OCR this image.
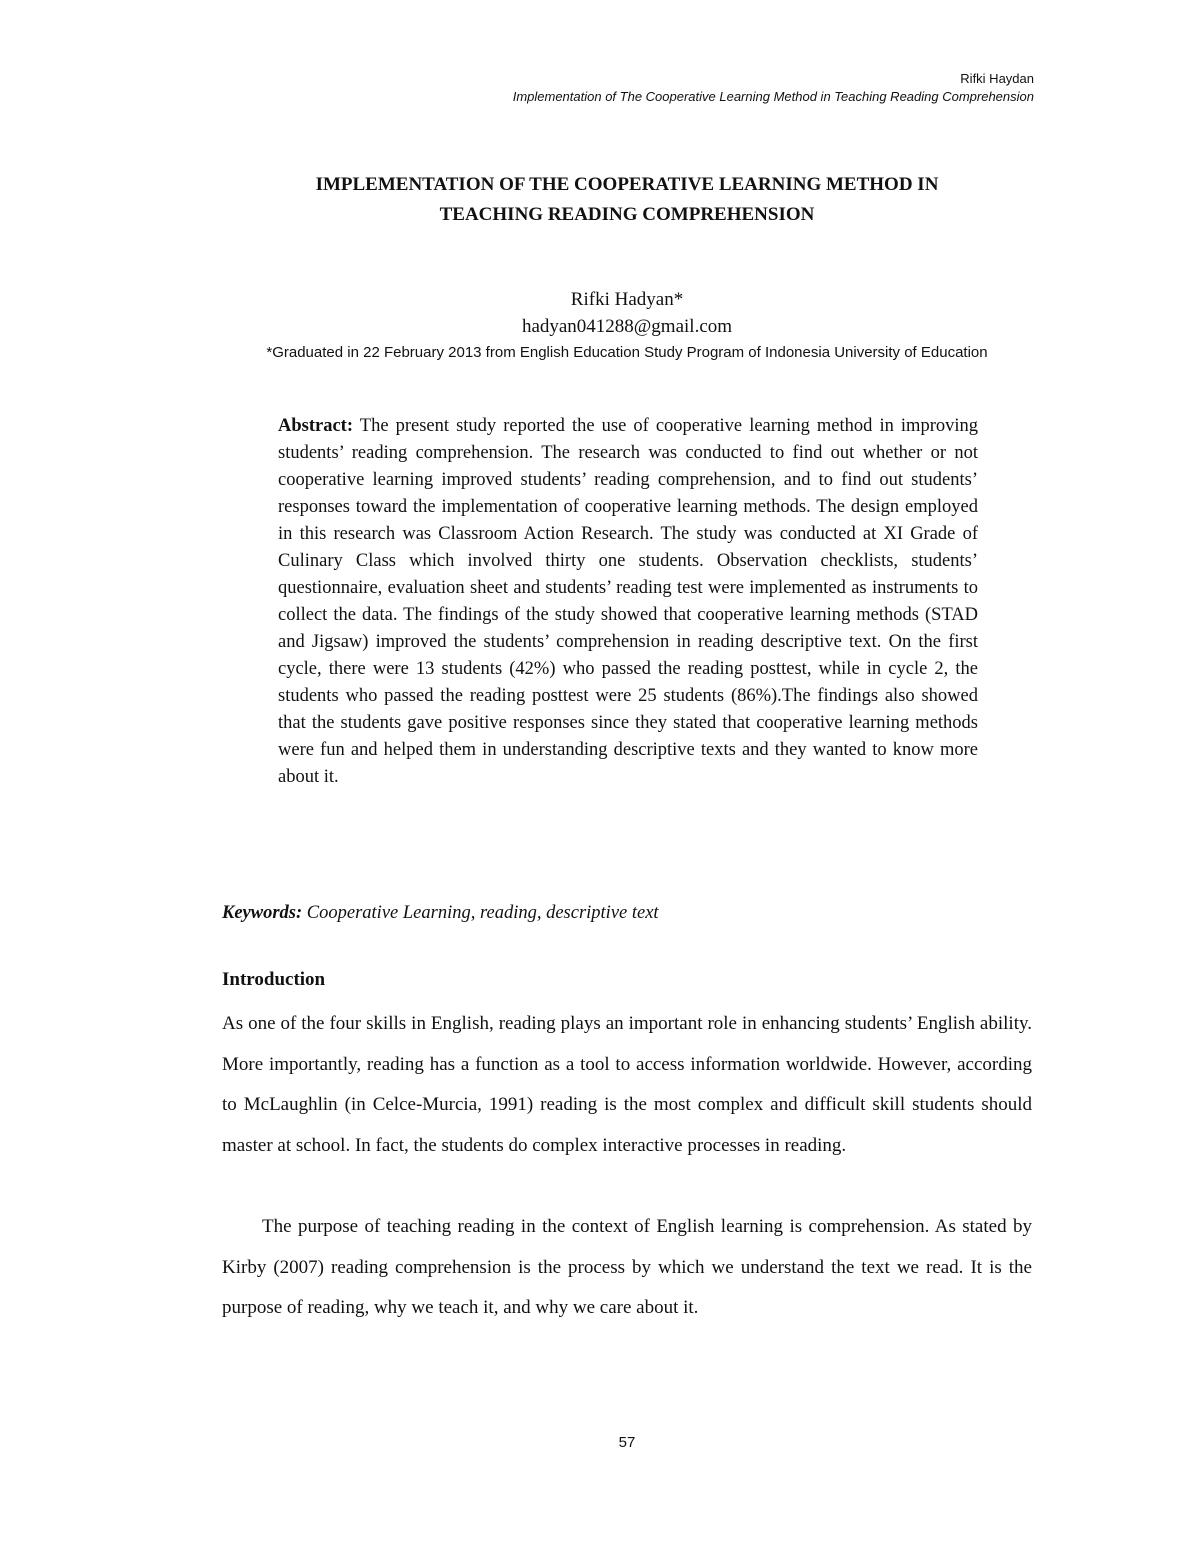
Rifki Haydan
Implementation of The Cooperative Learning Method in Teaching Reading Comprehension
IMPLEMENTATION OF THE COOPERATIVE LEARNING METHOD IN
TEACHING READING COMPREHENSION
Rifki Hadyan*
hadyan041288@gmail.com
*Graduated in 22 February 2013 from English Education Study Program of Indonesia University of Education

Abstract: The present study reported the use of cooperative learning method in improving students’ reading comprehension. The research was conducted to find out whether or not cooperative learning improved students’ reading comprehension, and to find out students’ responses toward the implementation of cooperative learning methods. The design employed in this research was Classroom Action Research. The study was conducted at XI Grade of Culinary Class which involved thirty one students. Observation checklists, students’ questionnaire, evaluation sheet and students’ reading test were implemented as instruments to collect the data. The findings of the study showed that cooperative learning methods (STAD and Jigsaw) improved the students’ comprehension in reading descriptive text. On the first cycle, there were 13 students (42%) who passed the reading posttest, while in cycle 2, the students who passed the reading posttest were 25 students (86%).The findings also showed that the students gave positive responses since they stated that cooperative learning methods were fun and helped them in understanding descriptive texts and they wanted to know more about it.

Keywords: Cooperative Learning, reading, descriptive text

Introduction

As one of the four skills in English, reading plays an important role in enhancing students’ English ability. More importantly, reading has a function as a tool to access information worldwide. However, according to McLaughlin (in Celce-Murcia, 1991) reading is the most complex and difficult skill students should master at school. In fact, the students do complex interactive processes in reading.

The purpose of teaching reading in the context of English learning is comprehension. As stated by Kirby (2007) reading comprehension is the process by which we understand the text we read. It is the purpose of reading, why we teach it, and why we care about it.

57
